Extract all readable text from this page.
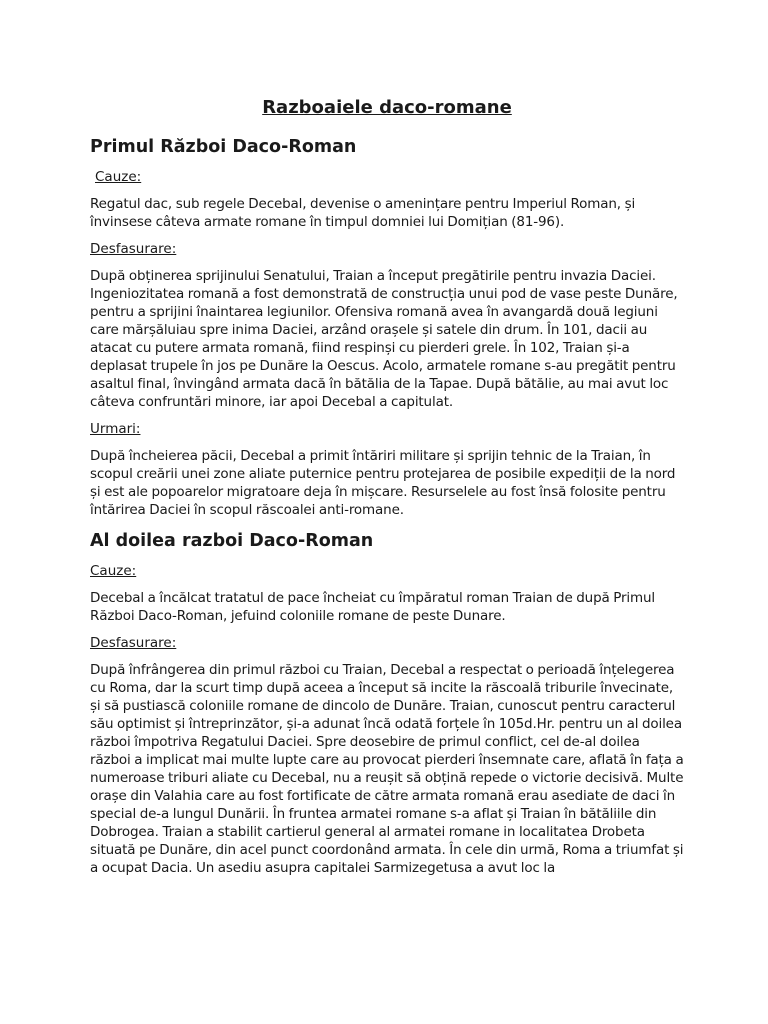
Razboaiele daco-romane
Primul Război Daco-Roman
Cauze:

Regatul dac, sub regele Decebal, devenise o amenințare pentru Imperiul Roman, și învinsese câteva armate romane în timpul domniei lui Domițian (81-96).

Desfasurare:

După obținerea sprijinului Senatului, Traian a început pregătirile pentru invazia Daciei. Ingeniozitatea romană a fost demonstrată de construcția unui pod de vase peste Dunăre, pentru a sprijini înaintarea legiunilor. Ofensiva romană avea în avangardă două legiuni care mărșăluiau spre inima Daciei, arzând orașele și satele din drum. În 101, dacii au atacat cu putere armata romană, fiind respinși cu pierderi grele. În 102, Traian și-a deplasat trupele în jos pe Dunăre la Oescus. Acolo, armatele romane s-au pregătit pentru asaltul final, învingând armata dacă în bătălia de la Tapae. După bătălie, au mai avut loc câteva confruntări minore, iar apoi Decebal a capitulat.

Urmari:

După încheierea păcii, Decebal a primit întăriri militare și sprijin tehnic de la Traian, în scopul creării unei zone aliate puternice pentru protejarea de posibile expediții de la nord și est ale popoarelor migratoare deja în mișcare. Resurselele au fost însă folosite pentru întărirea Daciei în scopul răscoalei anti-romane.

Al doilea razboi Daco-Roman
Cauze:

Decebal a încălcat tratatul de pace încheiat cu împăratul roman Traian de după Primul Război Daco-Roman, jefuind coloniile romane de peste Dunare.

Desfasurare:

După înfrângerea din primul război cu Traian, Decebal a respectat o perioadă înțelegerea cu Roma, dar la scurt timp după aceea a început să incite la răscoală triburile învecinate, și să pustiască coloniile romane de dincolo de Dunăre. Traian, cunoscut pentru caracterul său optimist și întreprinzător, și-a adunat încă odată forțele în 105d.Hr. pentru un al doilea război împotriva Regatului Daciei. Spre deosebire de primul conflict, cel de-al doilea război a implicat mai multe lupte care au provocat pierderi însemnate care, aflată în fața a numeroase triburi aliate cu Decebal, nu a reușit să obțină repede o victorie decisivă. Multe orașe din Valahia care au fost fortificate de către armata romană erau asediate de daci în special de-a lungul Dunării. În fruntea armatei romane s-a aflat și Traian în bătăliile din Dobrogea. Traian a stabilit cartierul general al armatei romane in localitatea Drobeta situată pe Dunăre, din acel punct coordonând armata. În cele din urmă, Roma a triumfat și a ocupat Dacia. Un asediu asupra capitalei Sarmizegetusa a avut loc la
